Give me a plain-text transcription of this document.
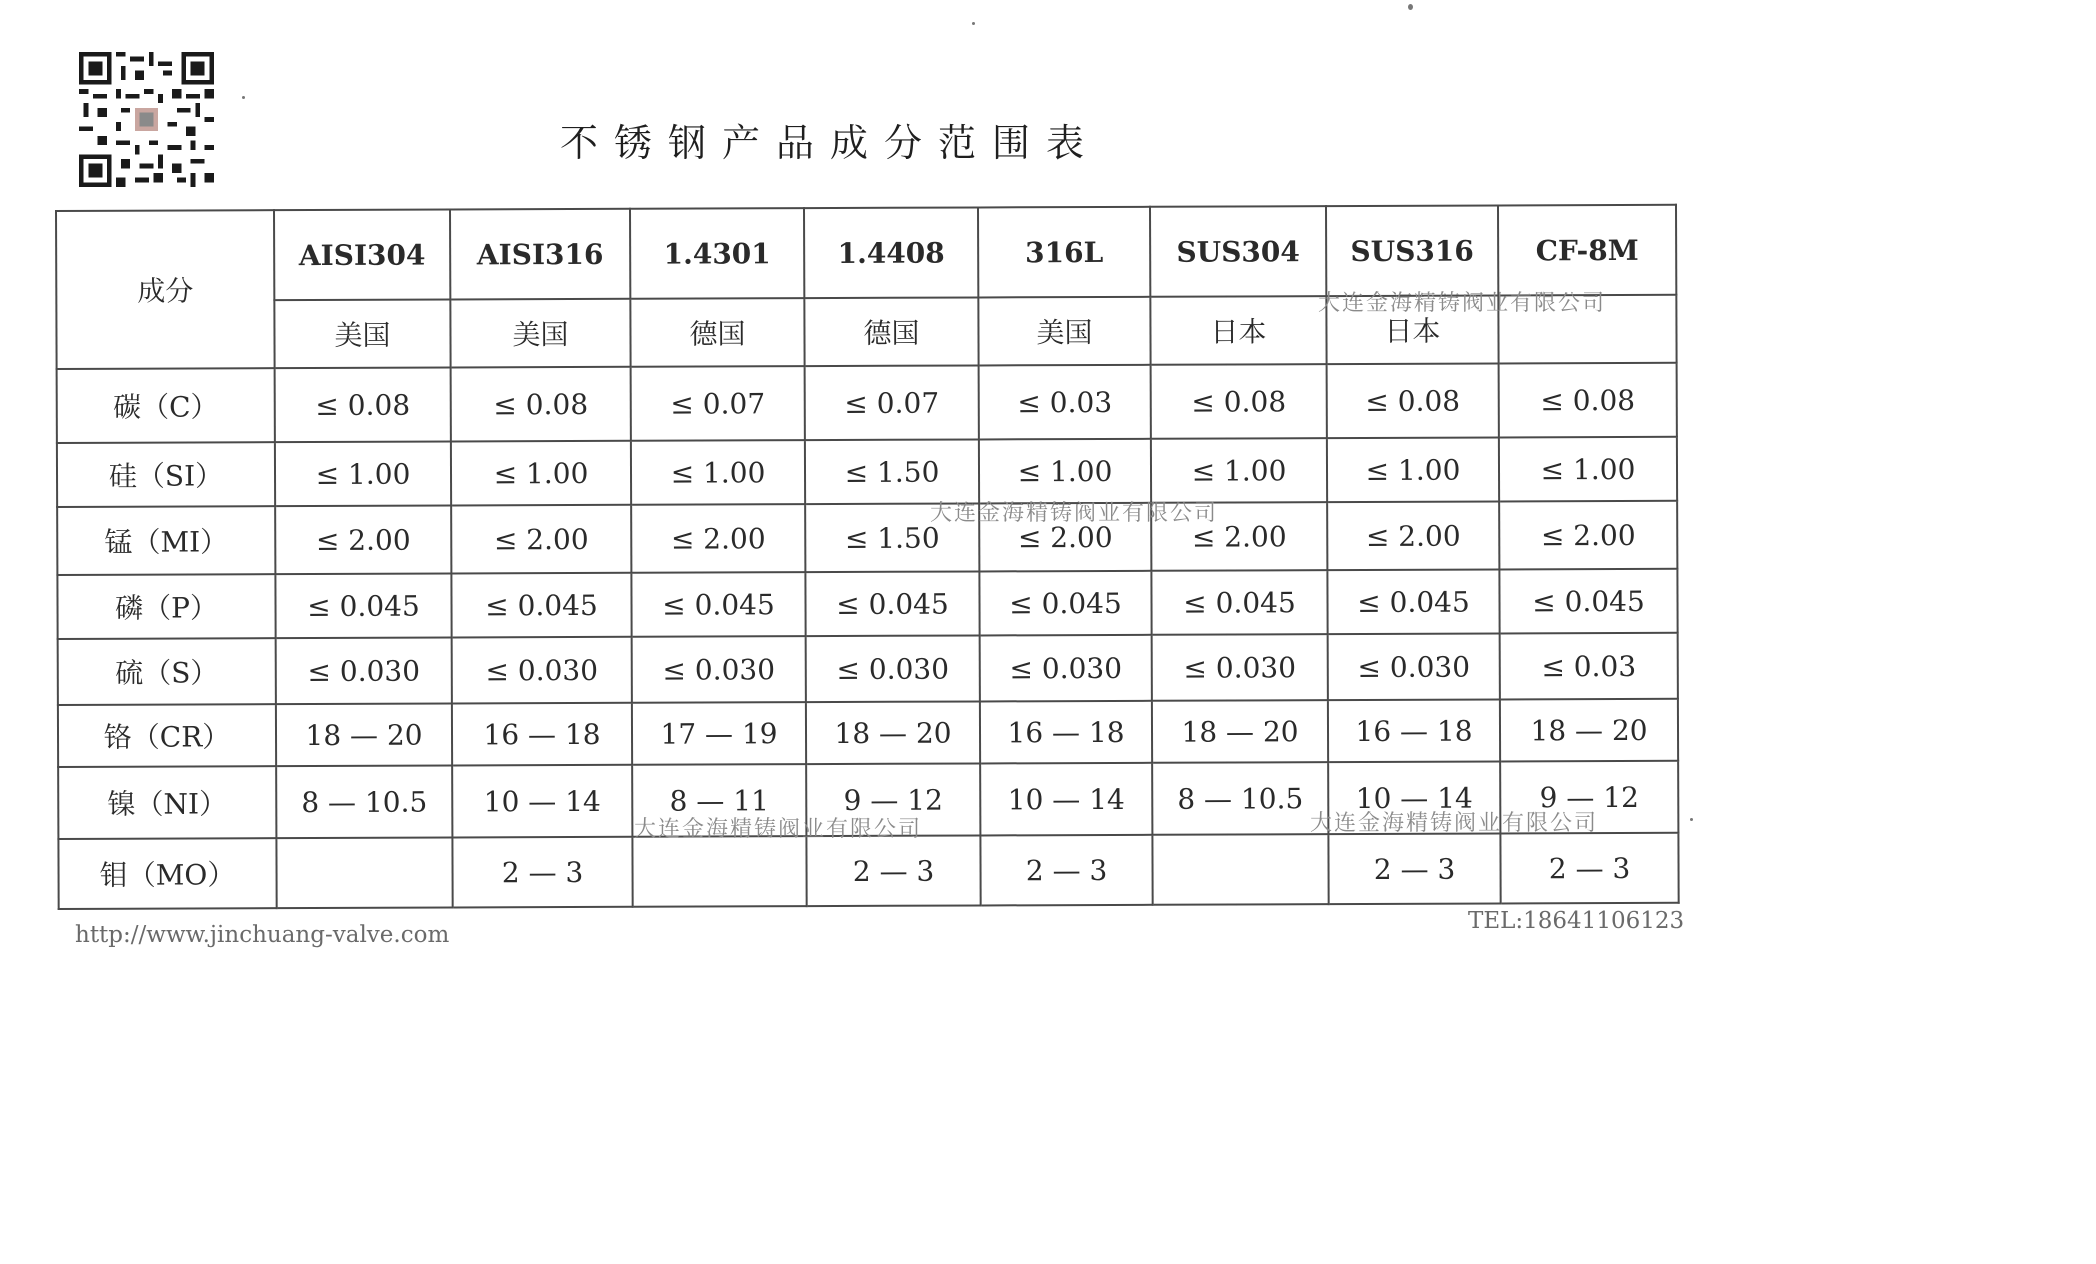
不锈钢产品成分范围表
成分	AISI304	AISI316	1.4301	1.4408	316L	SUS304	SUS316	CF-8M
	美国	美国	德国	德国	美国	日本	日本	
碳（C）	≤ 0.08	≤ 0.08	≤ 0.07	≤ 0.07	≤ 0.03	≤ 0.08	≤ 0.08	≤ 0.08
硅（SI）	≤ 1.00	≤ 1.00	≤ 1.00	≤ 1.50	≤ 1.00	≤ 1.00	≤ 1.00	≤ 1.00
锰（MI）	≤ 2.00	≤ 2.00	≤ 2.00	≤ 1.50	≤ 2.00	≤ 2.00	≤ 2.00	≤ 2.00
磷（P）	≤ 0.045	≤ 0.045	≤ 0.045	≤ 0.045	≤ 0.045	≤ 0.045	≤ 0.045	≤ 0.045
硫（S）	≤ 0.030	≤ 0.030	≤ 0.030	≤ 0.030	≤ 0.030	≤ 0.030	≤ 0.030	≤ 0.03
铬（CR）	18 — 20	16 — 18	17 — 19	18 — 20	16 — 18	18 — 20	16 — 18	18 — 20
镍（NI）	8 — 10.5	10 — 14	8 — 11	9 — 12	10 — 14	8 — 10.5	10 — 14	9 — 12
钼（MO）		2 — 3		2 — 3	2 — 3		2 — 3	2 — 3
大连金海精铸阀业有限公司
大连金海精铸阀业有限公司
大连金海精铸阀业有限公司	大连金海精铸阀业有限公司
http://www.jinchuang-valve.com
TEL:18641106123
